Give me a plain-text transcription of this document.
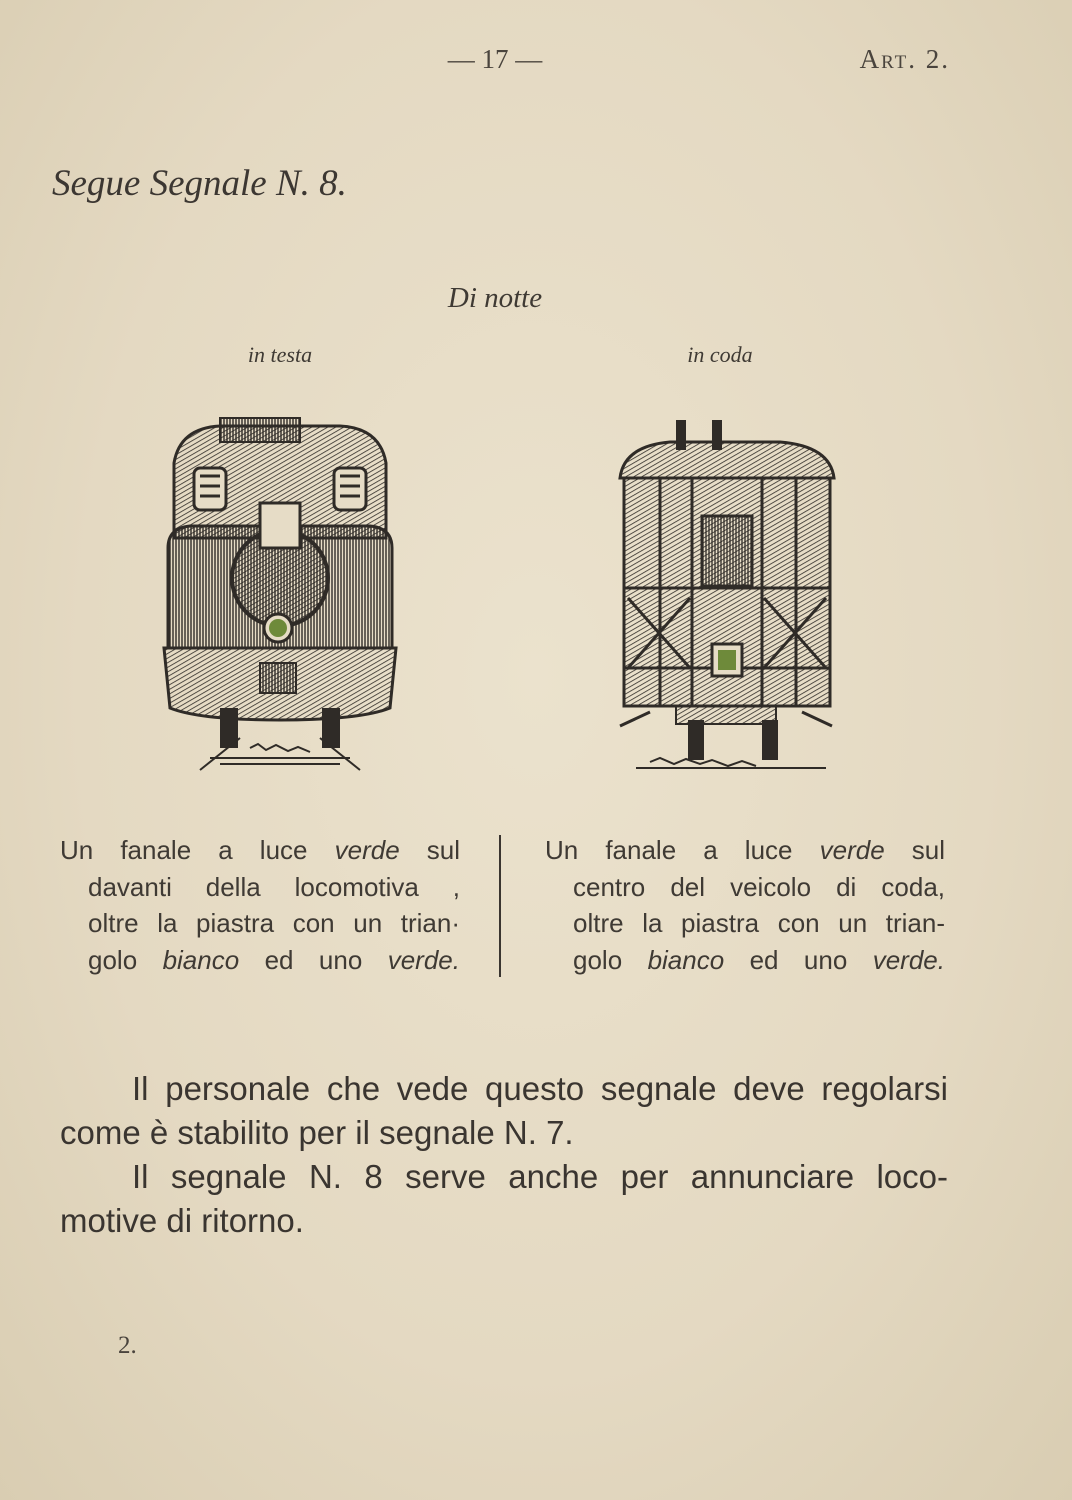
— 17 —	Art. 2.
Segue Segnale N. 8.
Di notte
in testa	in coda

Un fanale a luce verde sul

davanti della locomotiva ,

oltre la piastra con un trian·

golo bianco ed uno verde.

Un fanale a luce verde sul

centro del veicolo di coda,

oltre la piastra con un trian-

golo bianco ed uno verde.

Il personale che vede questo segnale deve regolarsi

come è stabilito per il segnale N. 7.

Il segnale N. 8 serve anche per annunciare loco-

motive di ritorno.

2.
